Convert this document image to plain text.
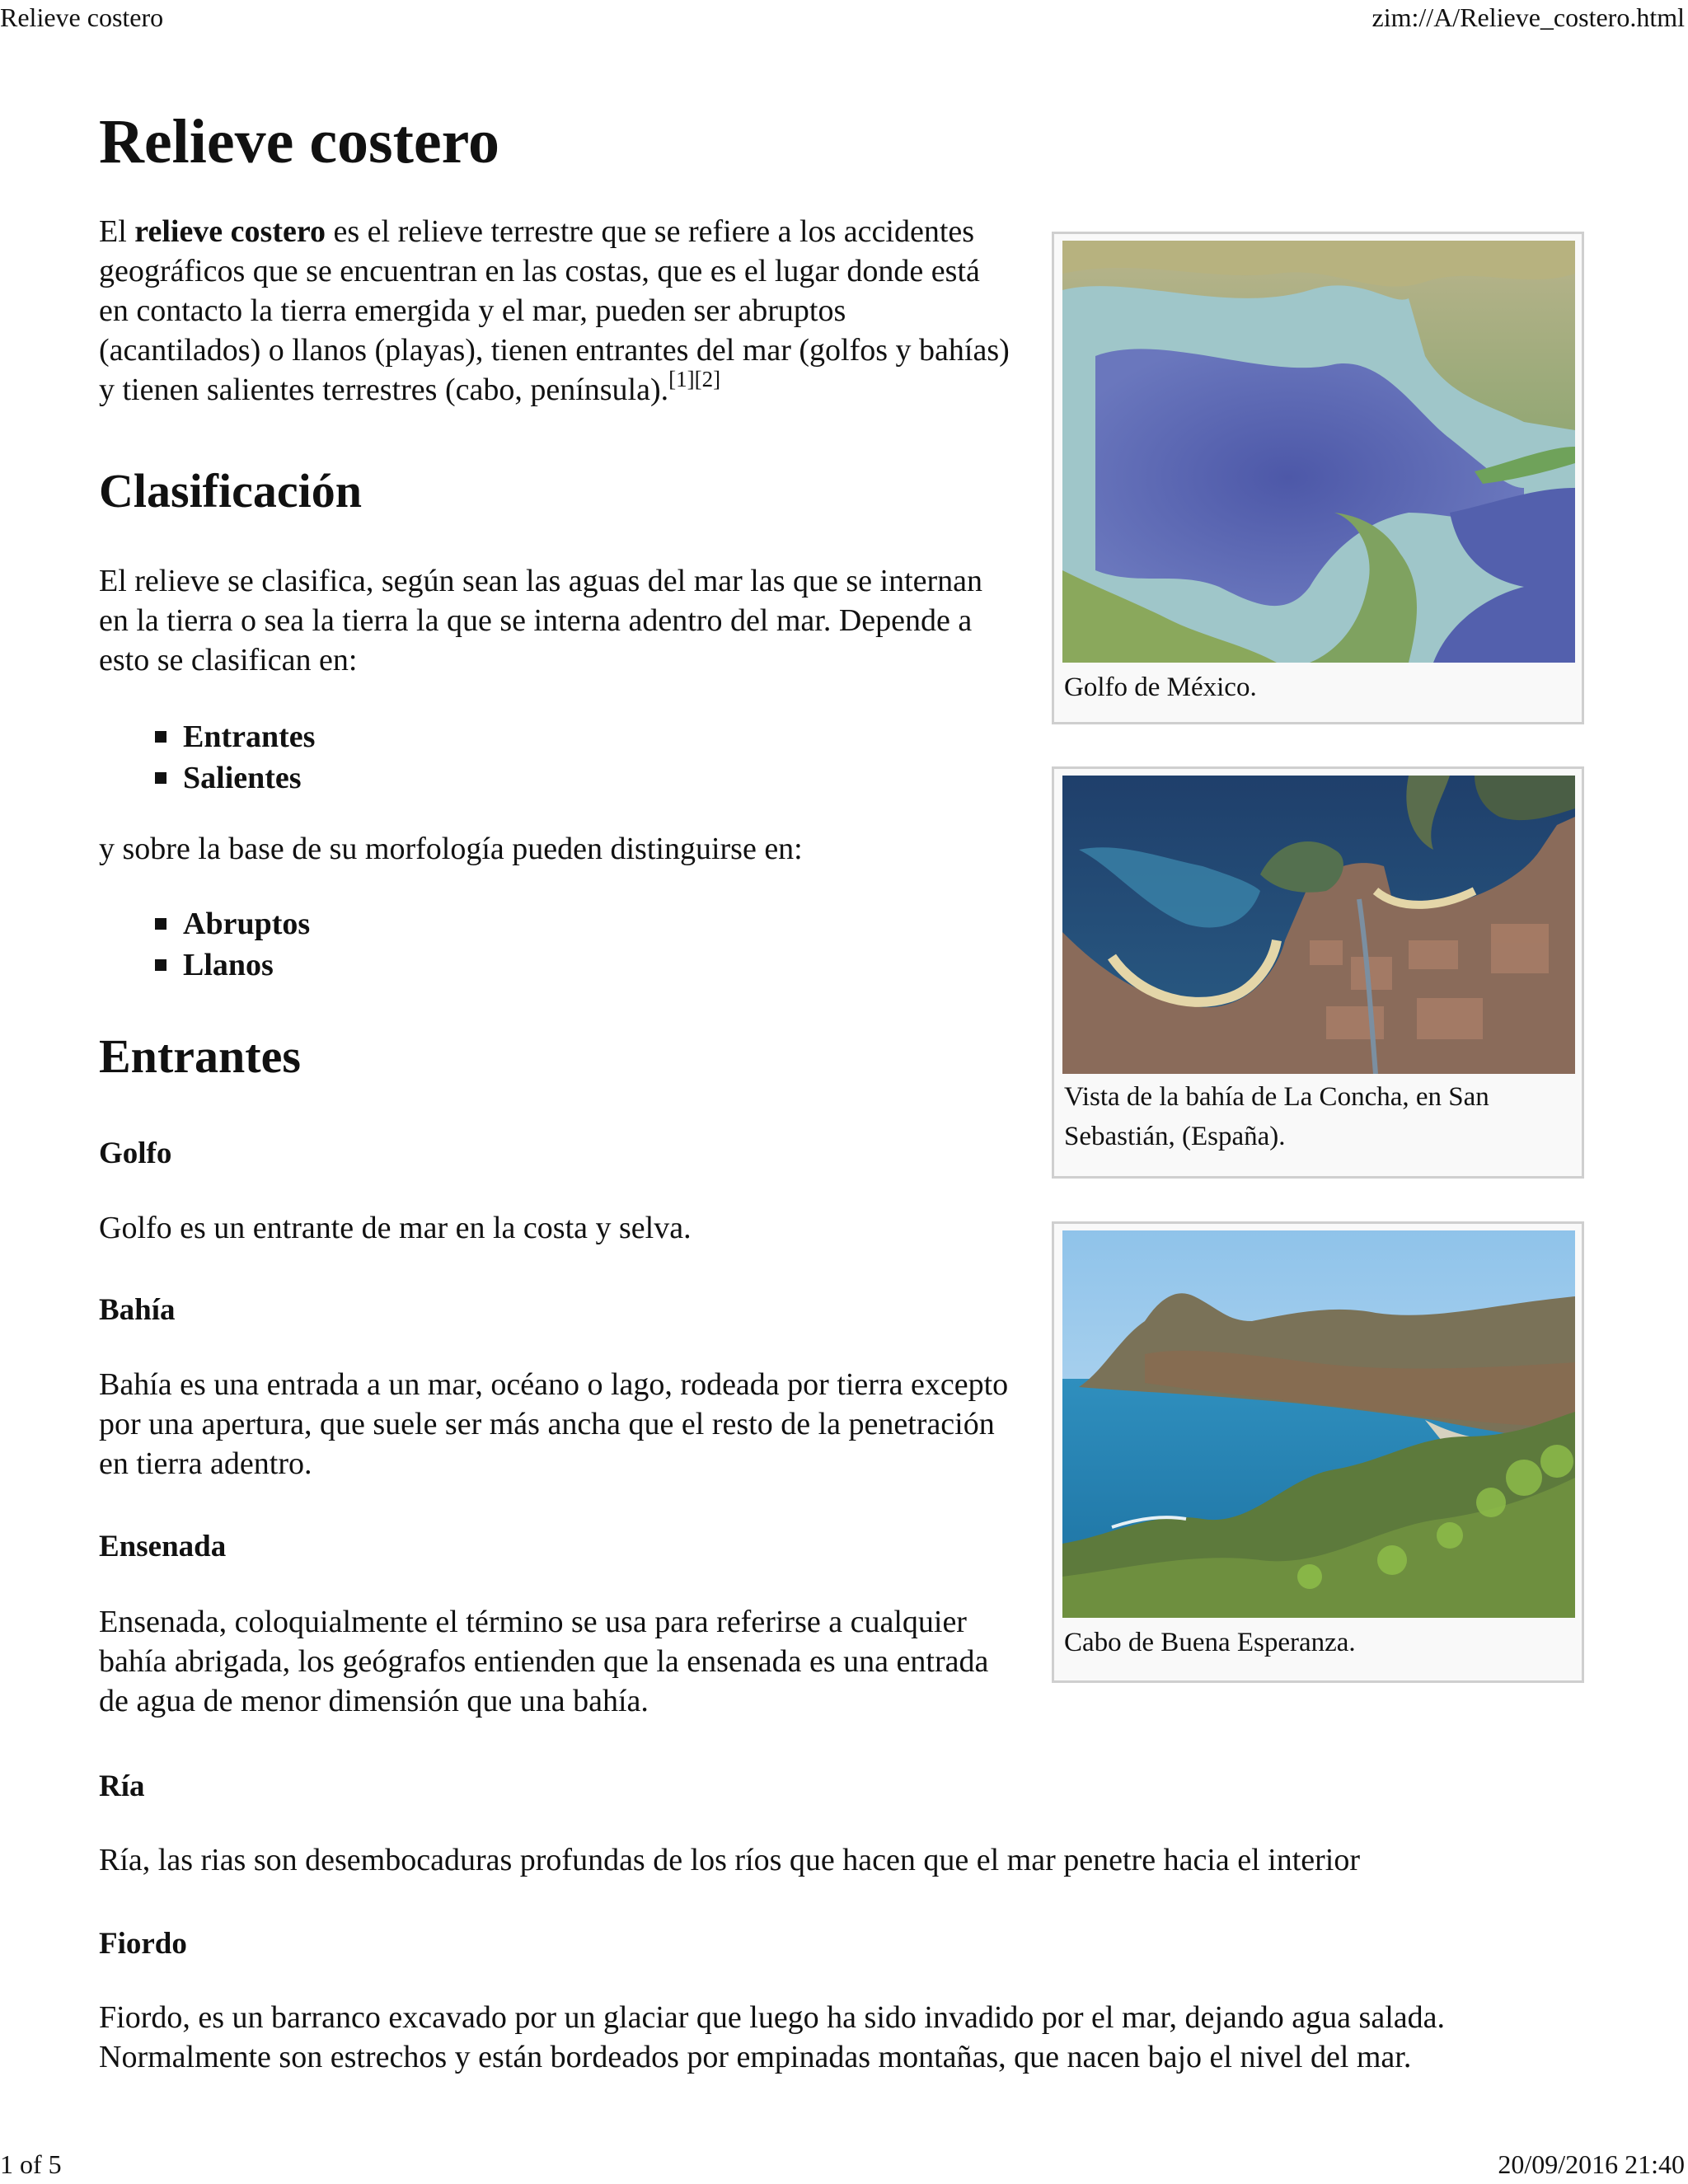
Relieve costero	zim://A/Relieve_costero.html
Relieve costero

El relieve costero es el relieve terrestre que se refiere a los accidentes geográficos que se encuentran en las costas, que es el lugar donde está en contacto la tierra emergida y el mar, pueden ser abruptos (acantilados) o llanos (playas), tienen entrantes del mar (golfos y bahías) y tienen salientes terrestres (cabo, península).[1][2]

Clasificación

El relieve se clasifica, según sean las aguas del mar las que se internan en la tierra o sea la tierra la que se interna adentro del mar. Depende a esto se clasifican en:

Entrantes
Salientes

y sobre la base de su morfología pueden distinguirse en:

Abruptos
Llanos
Entrantes
Golfo

Golfo es un entrante de mar en la costa y selva.

Bahía

Bahía es una entrada a un mar, océano o lago, rodeada por tierra excepto por una apertura, que suele ser más ancha que el resto de la penetración en tierra adentro.

Ensenada

Ensenada, coloquialmente el término se usa para referirse a cualquier bahía abrigada, los geógrafos entienden que la ensenada es una entrada de agua de menor dimensión que una bahía.

Ría

Ría, las rias son desembocaduras profundas de los ríos que hacen que el mar penetre hacia el interior

Fiordo

Fiordo, es un barranco excavado por un glaciar que luego ha sido invadido por el mar, dejando agua salada. Normalmente son estrechos y están bordeados por empinadas montañas, que nacen bajo el nivel del mar.

Golfo de México.
Vista de la bahía de La Concha, en San Sebastián, (España).
Cabo de Buena Esperanza.
1 of 5	20/09/2016 21:40
